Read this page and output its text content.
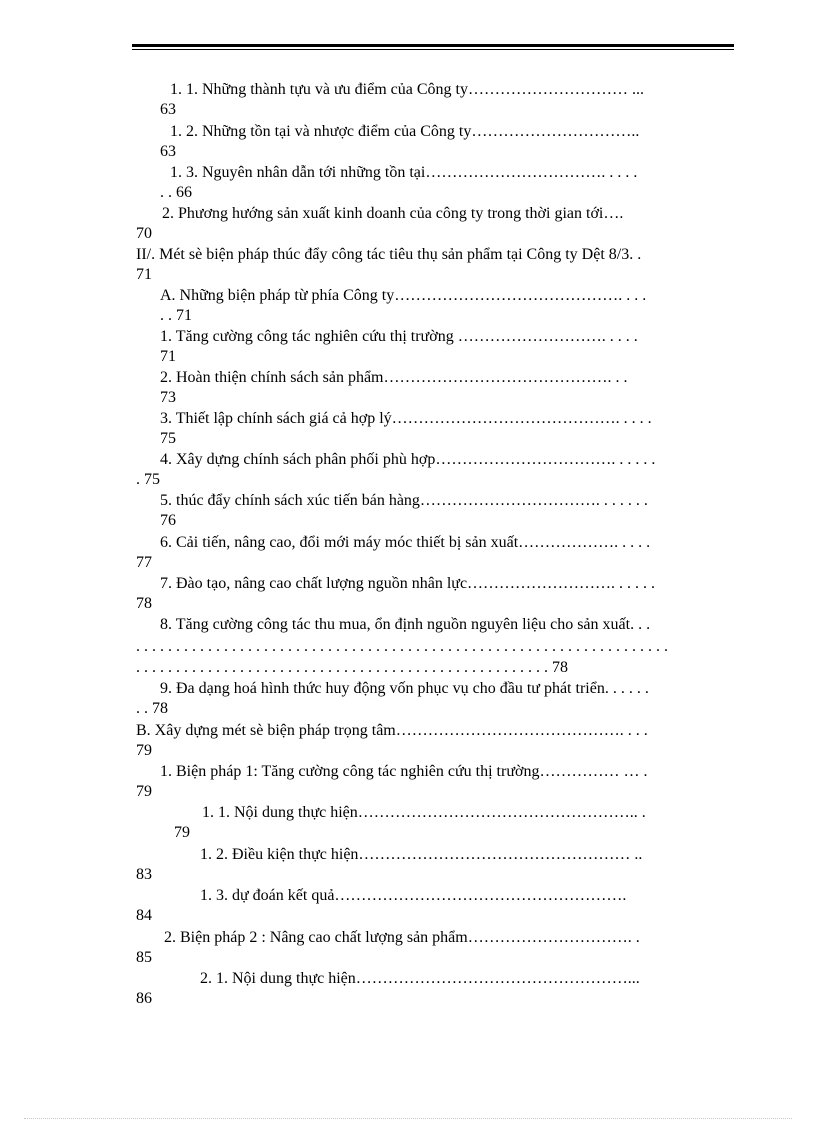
1. 1. Những thành tựu và ưu điểm của Công ty………………………… ...
63
1. 2. Những tồn tại và nhược điểm của Công ty…………………………..
63
1. 3. Nguyên nhân dẫn tới những tồn tại……………………………. . . . .
. . 66
2. Phương hướng sản xuất kinh doanh của công ty trong thời gian tới….
70
II/. Mét sè biện pháp thúc đẩy công tác tiêu thụ sản phẩm tại Công ty Dệt 8/3. .
71
A. Những biện pháp từ phía Công ty……………………………………. . . .
. . 71
1. Tăng cường công tác nghiên cứu thị trường ………………………. . . . .
71
2. Hoàn thiện chính sách sản phẩm……………………………………. . .
73
3. Thiết lập chính sách giá cả hợp lý……………………………………. . . . .
75
4. Xây dựng chính sách phân phối phù hợp……………………………. . . . . .
. 75
5. thúc đẩy chính sách xúc tiến bán hàng……………………………. . . . . . .
76
6. Cải tiến, nâng cao, đổi mới máy móc thiết bị sản xuất………………. . . . .
77
7. Đào tạo, nâng cao chất lượng nguồn nhân lực………………………. . . . . .
78
8. Tăng cường công tác thu mua, ổn định nguồn nguyên liệu cho sản xuất. . .
. . . . . . . . . . . . . . . . . . . . . . . . . . . . . . . . . . . . . . . . . . . . . . . . . . . . . . . . . . . . . . . . . . .
. . . . . . . . . . . . . . . . . . . . . . . . . . . . . . . . . . . . . . . . . . . . . . . . . . . . 78
9. Đa dạng hoá hình thức huy động vốn phục vụ cho đầu tư phát triển. . . . . .
. . 78
B. Xây dựng mét sè biện pháp trọng tâm……………………………………. . . .
79
1. Biện pháp 1: Tăng cường công tác nghiên cứu thị trường…………… … .
79
1. 1. Nội dung thực hiện…………………………………………….. .
79
1. 2. Điều kiện thực hiện…………………………………………… ..
83
1. 3. dự đoán kết quả……………………………………………….
84
2. Biện pháp 2 : Nâng cao chất lượng sản phẩm…………………………. .
85
2. 1. Nội dung thực hiện……………………………………………...
86
